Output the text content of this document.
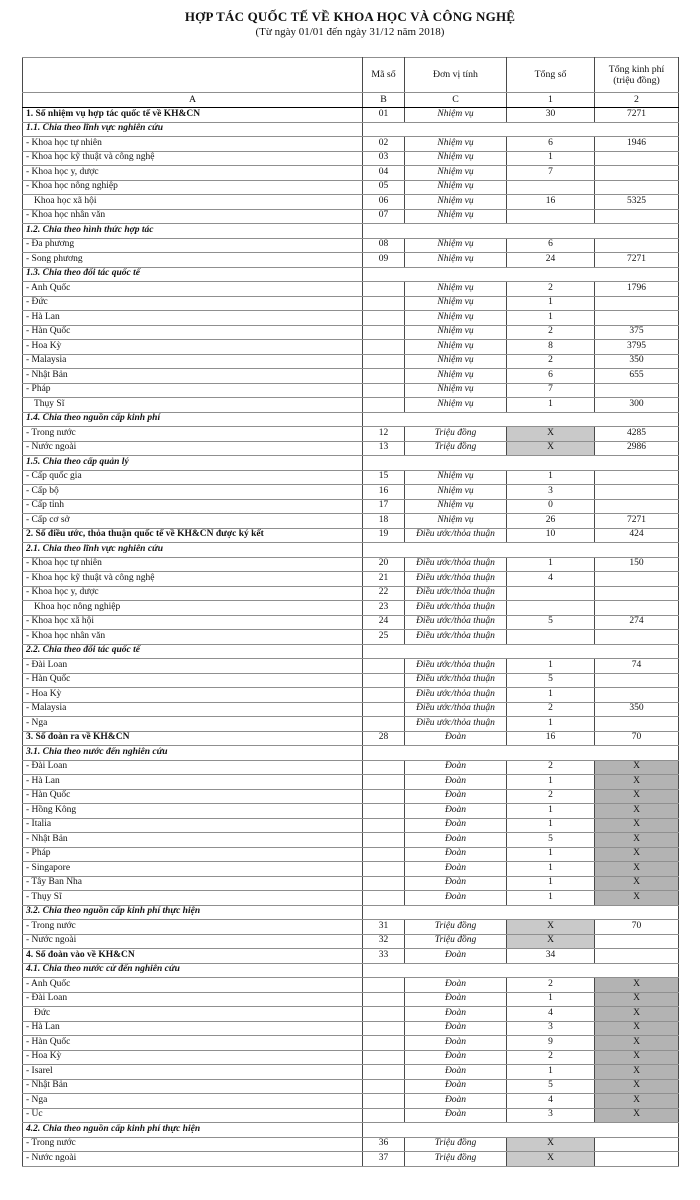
HỢP TÁC QUỐC TẾ VỀ KHOA HỌC VÀ CÔNG NGHỆ
(Từ ngày 01/01 đến ngày 31/12 năm 2018)
	Mã số	Đơn vị tính	Tổng số	Tổng kinh phí (triệu đồng)
A	B	C	1	2
1. Số nhiệm vụ hợp tác quốc tế về KH&CN	01	Nhiệm vụ	30	7271
1.1. Chia theo lĩnh vực nghiên cứu				
- Khoa học tự nhiên	02	Nhiệm vụ	6	1946
- Khoa học kỹ thuật và công nghệ	03	Nhiệm vụ	1	
- Khoa học y, dược	04	Nhiệm vụ	7	
- Khoa học nông nghiệp	05	Nhiệm vụ		
Khoa học xã hội	06	Nhiệm vụ	16	5325
- Khoa học nhân văn	07	Nhiệm vụ		
1.2. Chia theo hình thức hợp tác				
- Đa phương	08	Nhiệm vụ	6	
- Song phương	09	Nhiệm vụ	24	7271
1.3. Chia theo đối tác quốc tế				
- Anh Quốc		Nhiệm vụ	2	1796
- Đức		Nhiệm vụ	1	
- Hà Lan		Nhiệm vụ	1	
- Hàn Quốc		Nhiệm vụ	2	375
- Hoa Kỳ		Nhiệm vụ	8	3795
- Malaysia		Nhiệm vụ	2	350
- Nhật Bản		Nhiệm vụ	6	655
- Pháp		Nhiệm vụ	7	
Thụy Sĩ		Nhiệm vụ	1	300
1.4. Chia theo nguồn cấp kinh phí				
- Trong nước	12	Triệu đồng	X	4285
- Nước ngoài	13	Triệu đồng	X	2986
1.5. Chia theo cấp quản lý				
- Cấp quốc gia	15	Nhiệm vụ	1	
- Cấp bộ	16	Nhiệm vụ	3	
- Cấp tỉnh	17	Nhiệm vụ	0	
- Cấp cơ sở	18	Nhiệm vụ	26	7271
2. Số điều ước, thỏa thuận quốc tế về KH&CN được ký kết	19	Điều ước/thỏa thuận	10	424
2.1. Chia theo lĩnh vực nghiên cứu				
- Khoa học tự nhiên	20	Điều ước/thỏa thuận	1	150
- Khoa học kỹ thuật và công nghệ	21	Điều ước/thỏa thuận	4	
- Khoa học y, dược	22	Điều ước/thỏa thuận		
Khoa học nông nghiệp	23	Điều ước/thỏa thuận		
- Khoa học xã hội	24	Điều ước/thỏa thuận	5	274
- Khoa học nhân văn	25	Điều ước/thỏa thuận		
2.2. Chia theo đối tác quốc tế				
- Đài Loan		Điều ước/thỏa thuận	1	74
- Hàn Quốc		Điều ước/thỏa thuận	5	
- Hoa Kỳ		Điều ước/thỏa thuận	1	
- Malaysia		Điều ước/thỏa thuận	2	350
- Nga		Điều ước/thỏa thuận	1	
3. Số đoàn ra về KH&CN	28	Đoàn	16	70
3.1. Chia theo nước đến nghiên cứu				
- Đài Loan		Đoàn	2	X
- Hà Lan		Đoàn	1	X
- Hàn Quốc		Đoàn	2	X
- Hồng Kông		Đoàn	1	X
- Italia		Đoàn	1	X
- Nhật Bản		Đoàn	5	X
- Pháp		Đoàn	1	X
- Singapore		Đoàn	1	X
- Tây Ban Nha		Đoàn	1	X
- Thụy Sĩ		Đoàn	1	X
3.2. Chia theo nguồn cấp kinh phí thực hiện				
- Trong nước	31	Triệu đồng	X	70
- Nước ngoài	32	Triệu đồng	X	
4. Số đoàn vào về KH&CN	33	Đoàn	34	
4.1. Chia theo nước cử đến nghiên cứu				
- Anh Quốc		Đoàn	2	X
- Đài Loan		Đoàn	1	X
Đức		Đoàn	4	X
- Hà Lan		Đoàn	3	X
- Hàn Quốc		Đoàn	9	X
- Hoa Kỳ		Đoàn	2	X
- Isarel		Đoàn	1	X
- Nhật Bản		Đoàn	5	X
- Nga		Đoàn	4	X
- Úc		Đoàn	3	X
4.2. Chia theo nguồn cấp kinh phí thực hiện				
- Trong nước	36	Triệu đồng	X	
- Nước ngoài	37	Triệu đồng	X	
